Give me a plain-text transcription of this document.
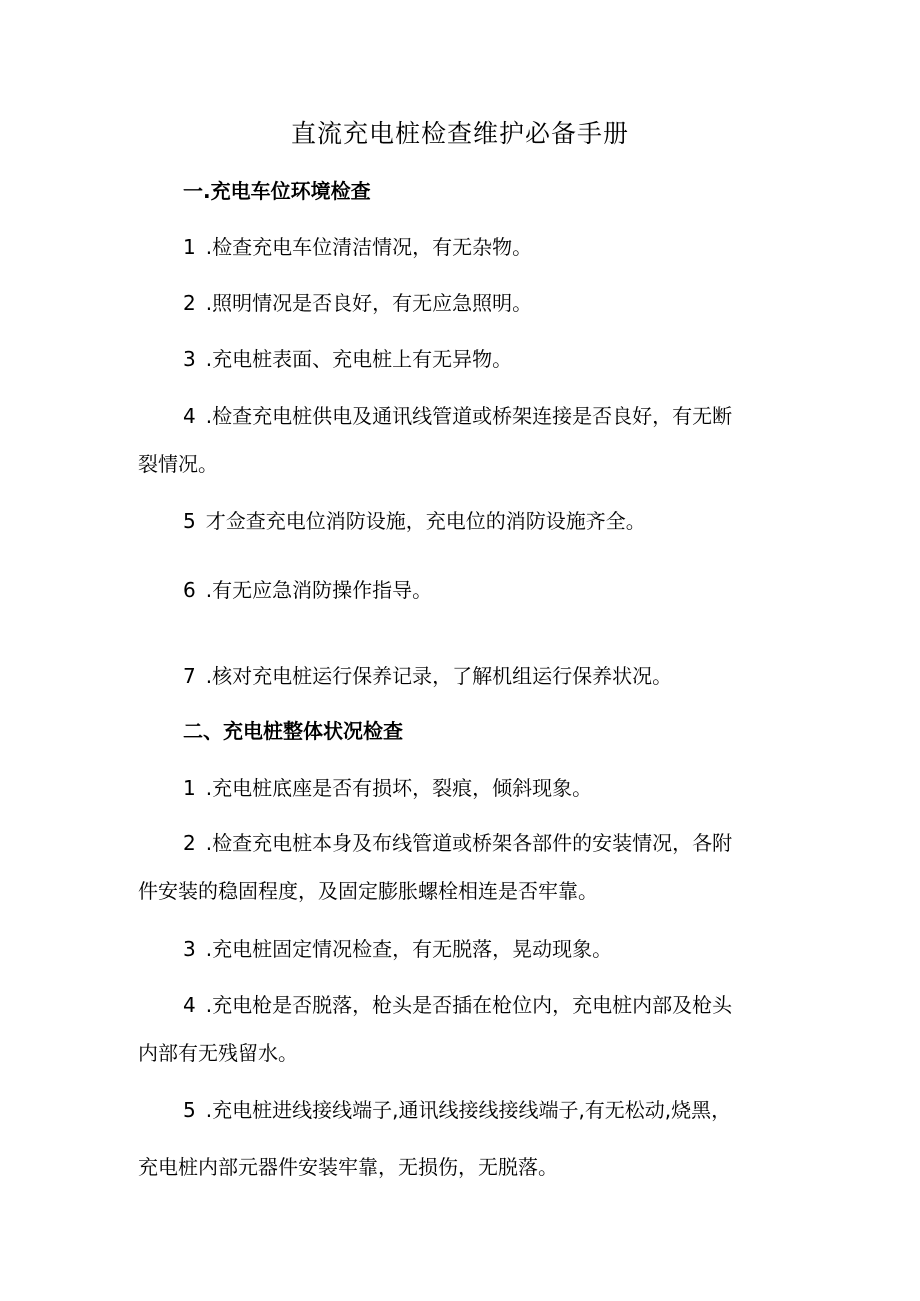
直流充电桩检查维护必备手册
一.充电车位环境检查
1 .检查充电车位清洁情况，有无杂物。
2 .照明情况是否良好，有无应急照明。
3 .充电桩表面、充电桩上有无异物。
4 .检查充电桩供电及通讯线管道或桥架连接是否良好，有无断
裂情况。
5 才佥查充电位消防设施，充电位的消防设施齐全。
6 .有无应急消防操作指导。
7 .核对充电桩运行保养记录，了解机组运行保养状况。
二、充电桩整体状况检查
1 .充电桩底座是否有损坏，裂痕，倾斜现象。
2 .检查充电桩本身及布线管道或桥架各部件的安装情况，各附
件安装的稳固程度，及固定膨胀螺栓相连是否牢靠。
3 .充电桩固定情况检查，有无脱落，晃动现象。
4 .充电枪是否脱落，枪头是否插在枪位内，充电桩内部及枪头
内部有无残留水。
5 .充电桩进线接线端子,通讯线接线接线端子,有无松动,烧黑，
充电桩内部元器件安装牢靠，无损伤，无脱落。
